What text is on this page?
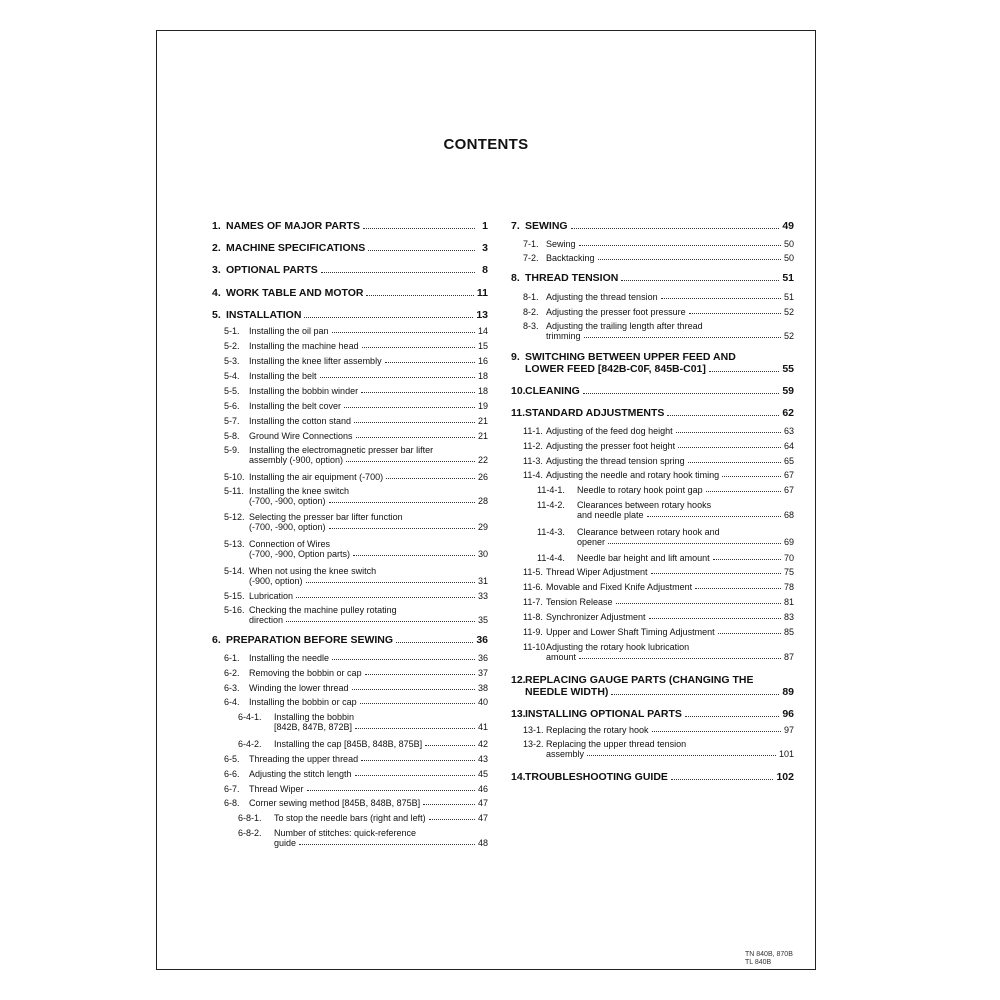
CONTENTS
1. NAMES OF MAJOR PARTS	1
2. MACHINE SPECIFICATIONS	3
3. OPTIONAL PARTS	8
4. WORK TABLE AND MOTOR	11
5. INSTALLATION	13
5-1.	Installing the oil pan	14
5-2.	Installing the machine head	15
5-3.	Installing the knee lifter assembly	16
5-4.	Installing the belt	18
5-5.	Installing the bobbin winder	18
5-6.	Installing the belt cover	19
5-7.	Installing the cotton stand	21
5-8.	Ground Wire Connections	21
5-9.	Installing the electromagnetic presser bar lifter
assembly (-900, option)	22
5-10. Installing the air equipment (-700)	26
5-11. Installing the knee switch
(-700, -900, option)	28
5-12. Selecting the presser bar lifter function
(-700, -900, option)	29
5-13. Connection of Wires
(-700, -900, Option parts)	30
5-14. When not using the knee switch
(-900, option)	31
5-15. Lubrication	33
5-16. Checking the machine pulley rotating
direction	35
6. PREPARATION BEFORE SEWING	36
6-1.	Installing the needle	36
6-2.	Removing the bobbin or cap	37
6-3.	Winding the lower thread	38
6-4.	Installing the bobbin or cap	40
6-4-1.	Installing the bobbin
[842B, 847B, 872B]	41
6-4-2.	Installing the cap [845B, 848B, 875B]	42
6-5.	Threading the upper thread	43
6-6.	Adjusting the stitch length	45
6-7.	Thread Wiper	46
6-8.	Corner sewing method [845B, 848B, 875B]	47
6-8-1.	To stop the needle bars (right and left)	47
6-8-2.	Number of stitches: quick-reference
guide	48
7. SEWING	49
7-1. Sewing	50
7-2. Backtacking	50
8. THREAD TENSION	51
8-1. Adjusting the thread tension	51
8-2. Adjusting the presser foot pressure	52
8-3. Adjusting the trailing length after thread
trimming	52
9. SWITCHING BETWEEN UPPER FEED AND
LOWER FEED [842B-C0F, 845B-C01]	55
10. CLEANING	59
11. STANDARD ADJUSTMENTS	62
11-1. Adjusting of the feed dog height	63
11-2. Adjusting the presser foot height	64
11-3. Adjusting the thread tension spring	65
11-4. Adjusting the needle and rotary hook timing	67
11-4-1.	Needle to rotary hook point gap	67
11-4-2.	Clearances between rotary hooks
and needle plate	68
11-4-3.	Clearance between rotary hook and
opener	69
11-4-4.	Needle bar height and lift amount	70
11-5. Thread Wiper Adjustment	75
11-6. Movable and Fixed Knife Adjustment	78
11-7. Tension Release	81
11-8. Synchronizer Adjustment	83
11-9. Upper and Lower Shaft Timing Adjustment	85
11-10.
Adjusting the rotary hook lubrication
amount	87
12. REPLACING GAUGE PARTS (CHANGING THE
NEEDLE WIDTH)	89
13. INSTALLING OPTIONAL PARTS	96
13-1. Replacing the rotary hook	97
13-2. Replacing the upper thread tension
assembly	101
14. TROUBLESHOOTING GUIDE	102
TN 840B, 870B
TL 840B
